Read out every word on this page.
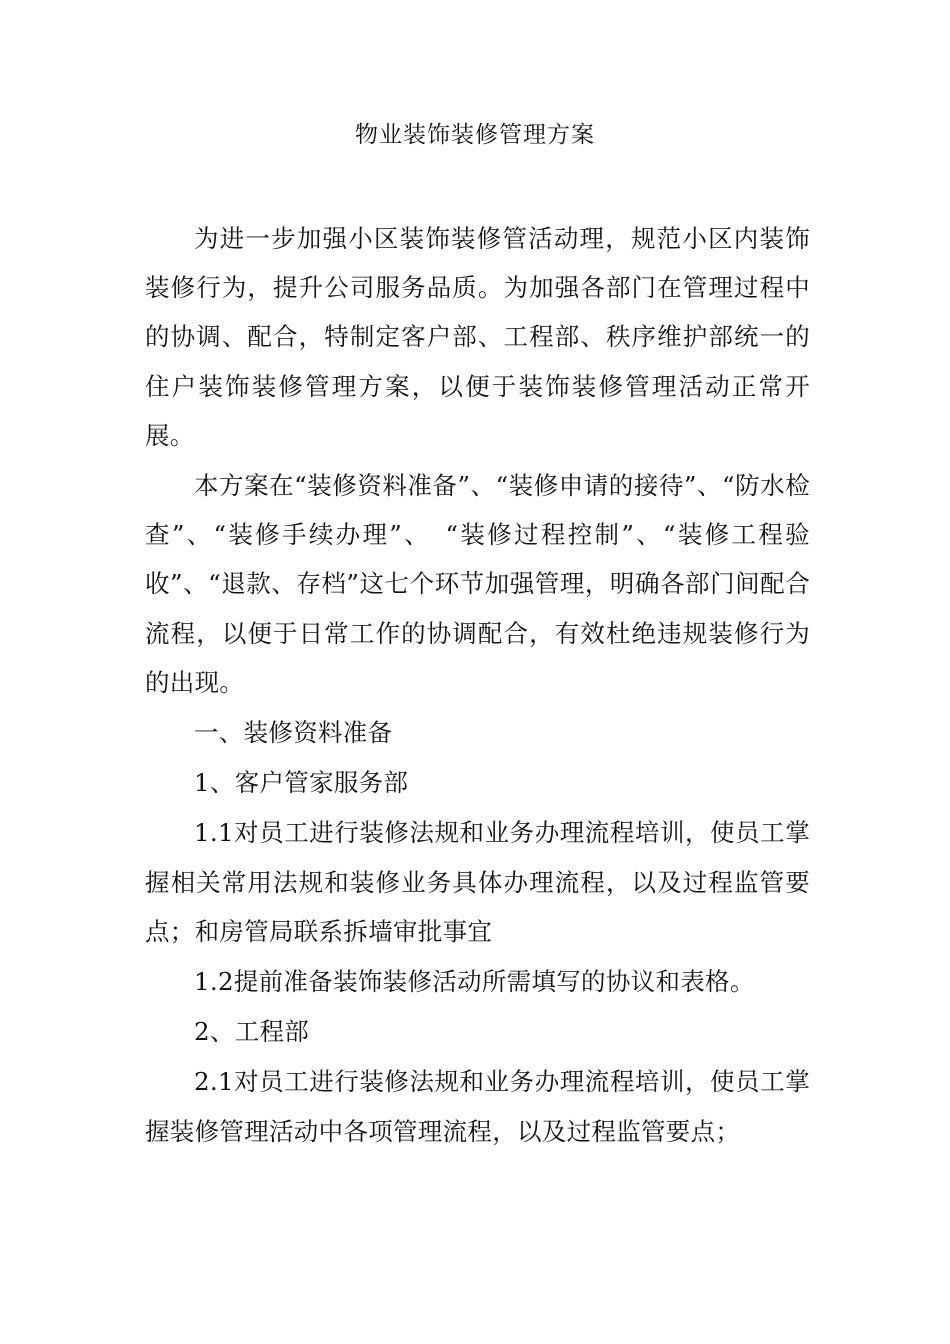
物业装饰装修管理方案

为进一步加强小区装饰装修管活动理，规范小区内装饰装修行为，提升公司服务品质。为加强各部门在管理过程中的协调、配合，特制定客户部、工程部、秩序维护部统一的住户装饰装修管理方案，以便于装饰装修管理活动正常开展。

本方案在“装修资料准备”、“装修申请的接待”、“防水检查”、“装修手续办理”、　“装修过程控制”、“装修工程验收”、“退款、存档”这七个环节加强管理，明确各部门间配合流程，以便于日常工作的协调配合，有效杜绝违规装修行为的出现。

一、装修资料准备

1、客户管家服务部

1.1对员工进行装修法规和业务办理流程培训，使员工掌握相关常用法规和装修业务具体办理流程，以及过程监管要点；和房管局联系拆墙审批事宜

1.2提前准备装饰装修活动所需填写的协议和表格。

2、工程部

2.1对员工进行装修法规和业务办理流程培训，使员工掌握装修管理活动中各项管理流程，以及过程监管要点；
